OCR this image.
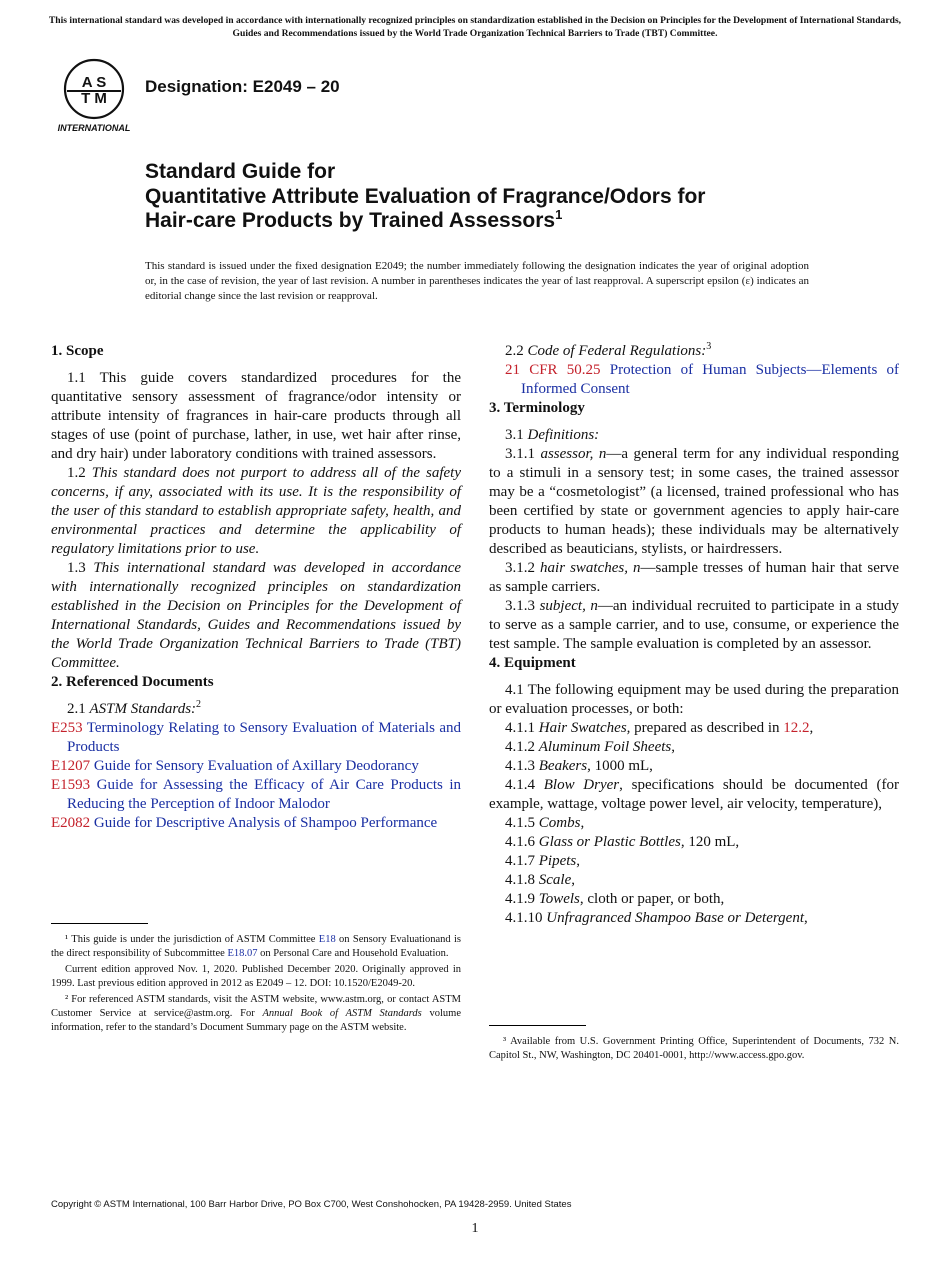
This international standard was developed in accordance with internationally recognized principles on standardization established in the Decision on Principles for the Development of International Standards, Guides and Recommendations issued by the World Trade Organization Technical Barriers to Trade (TBT) Committee.
A S
T M
INTERNATIONAL
Designation: E2049 – 20
Standard Guide for
Quantitative Attribute Evaluation of Fragrance/Odors for
Hair-care Products by Trained Assessors$^1$
This standard is issued under the fixed designation E2049; the number immediately following the designation indicates the year of original adoption or, in the case of revision, the year of last revision. A number in parentheses indicates the year of last reapproval. A superscript epsilon (ε) indicates an editorial change since the last revision or reapproval.
1. Scope

1.1 This guide covers standardized procedures for the quantitative sensory assessment of fragrance/odor intensity or attribute intensity of fragrances in hair-care products through all stages of use (point of purchase, lather, in use, wet hair after rinse, and dry hair) under laboratory conditions with trained assessors.

1.2 This standard does not purport to address all of the safety concerns, if any, associated with its use. It is the responsibility of the user of this standard to establish appropriate safety, health, and environmental practices and determine the applicability of regulatory limitations prior to use.

1.3 This international standard was developed in accordance with internationally recognized principles on standardization established in the Decision on Principles for the Development of International Standards, Guides and Recommendations issued by the World Trade Organization Technical Barriers to Trade (TBT) Committee.

2. Referenced Documents

2.1 ASTM Standards:$^2$

E253 Terminology Relating to Sensory Evaluation of Materials and Products

E1207 Guide for Sensory Evaluation of Axillary Deodorancy

E1593 Guide for Assessing the Efficacy of Air Care Products in Reducing the Perception of Indoor Malodor

E2082 Guide for Descriptive Analysis of Shampoo Performance

¹ This guide is under the jurisdiction of ASTM Committee E18 on Sensory Evaluationand is the direct responsibility of Subcommittee E18.07 on Personal Care and Household Evaluation.

Current edition approved Nov. 1, 2020. Published December 2020. Originally approved in 1999. Last previous edition approved in 2012 as E2049 – 12. DOI: 10.1520/E2049-20.

² For referenced ASTM standards, visit the ASTM website, www.astm.org, or contact ASTM Customer Service at service@astm.org. For Annual Book of ASTM Standards volume information, refer to the standard’s Document Summary page on the ASTM website.

2.2 Code of Federal Regulations:$^3$

21 CFR 50.25 Protection of Human Subjects—Elements of Informed Consent

3. Terminology

3.1 Definitions:

3.1.1 assessor, n—a general term for any individual responding to a stimuli in a sensory test; in some cases, the trained assessor may be a “cosmetologist” (a licensed, trained professional who has been certified by state or government agencies to apply hair-care products to human heads); these individuals may be alternatively described as beauticians, stylists, or hairdressers.

3.1.2 hair swatches, n—sample tresses of human hair that serve as sample carriers.

3.1.3 subject, n—an individual recruited to participate in a study to serve as a sample carrier, and to use, consume, or experience the test sample. The sample evaluation is completed by an assessor.

4. Equipment

4.1 The following equipment may be used during the preparation or evaluation processes, or both:

4.1.1 Hair Swatches, prepared as described in 12.2,

4.1.2 Aluminum Foil Sheets,

4.1.3 Beakers, 1000 mL,

4.1.4 Blow Dryer, specifications should be documented (for example, wattage, voltage power level, air velocity, temperature),

4.1.5 Combs,

4.1.6 Glass or Plastic Bottles, 120 mL,

4.1.7 Pipets,

4.1.8 Scale,

4.1.9 Towels, cloth or paper, or both,

4.1.10 Unfragranced Shampoo Base or Detergent,

³ Available from U.S. Government Printing Office, Superintendent of Documents, 732 N. Capitol St., NW, Washington, DC 20401-0001, http://www.access.gpo.gov.

Copyright © ASTM International, 100 Barr Harbor Drive, PO Box C700, West Conshohocken, PA 19428-2959. United States
1
